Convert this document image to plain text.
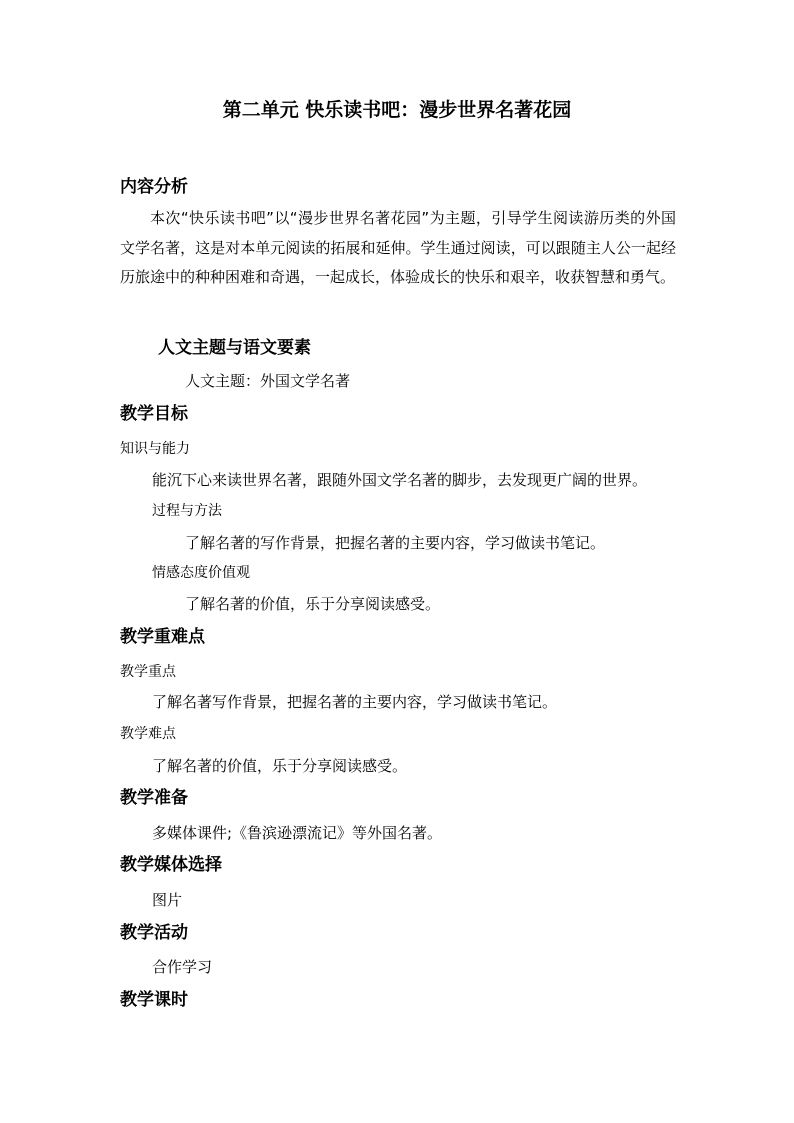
第二单元 快乐读书吧：漫步世界名著花园
内容分析

本次“快乐读书吧”以“漫步世界名著花园”为主题，引导学生阅读游历类的外国文学名著，这是对本单元阅读的拓展和延伸。学生通过阅读，可以跟随主人公一起经历旅途中的种种困难和奇遇，一起成长，体验成长的快乐和艰辛，收获智慧和勇气。

人文主题与语文要素

人文主题：外国文学名著

教学目标

知识与能力

能沉下心来读世界名著，跟随外国文学名著的脚步，去发现更广阔的世界。

过程与方法

了解名著的写作背景，把握名著的主要内容，学习做读书笔记。

情感态度价值观

了解名著的价值，乐于分享阅读感受。

教学重难点

教学重点

了解名著写作背景，把握名著的主要内容，学习做读书笔记。

教学难点

了解名著的价值，乐于分享阅读感受。

教学准备

多媒体课件;《鲁滨逊漂流记》等外国名著。

教学媒体选择

图片

教学活动

合作学习

教学课时
